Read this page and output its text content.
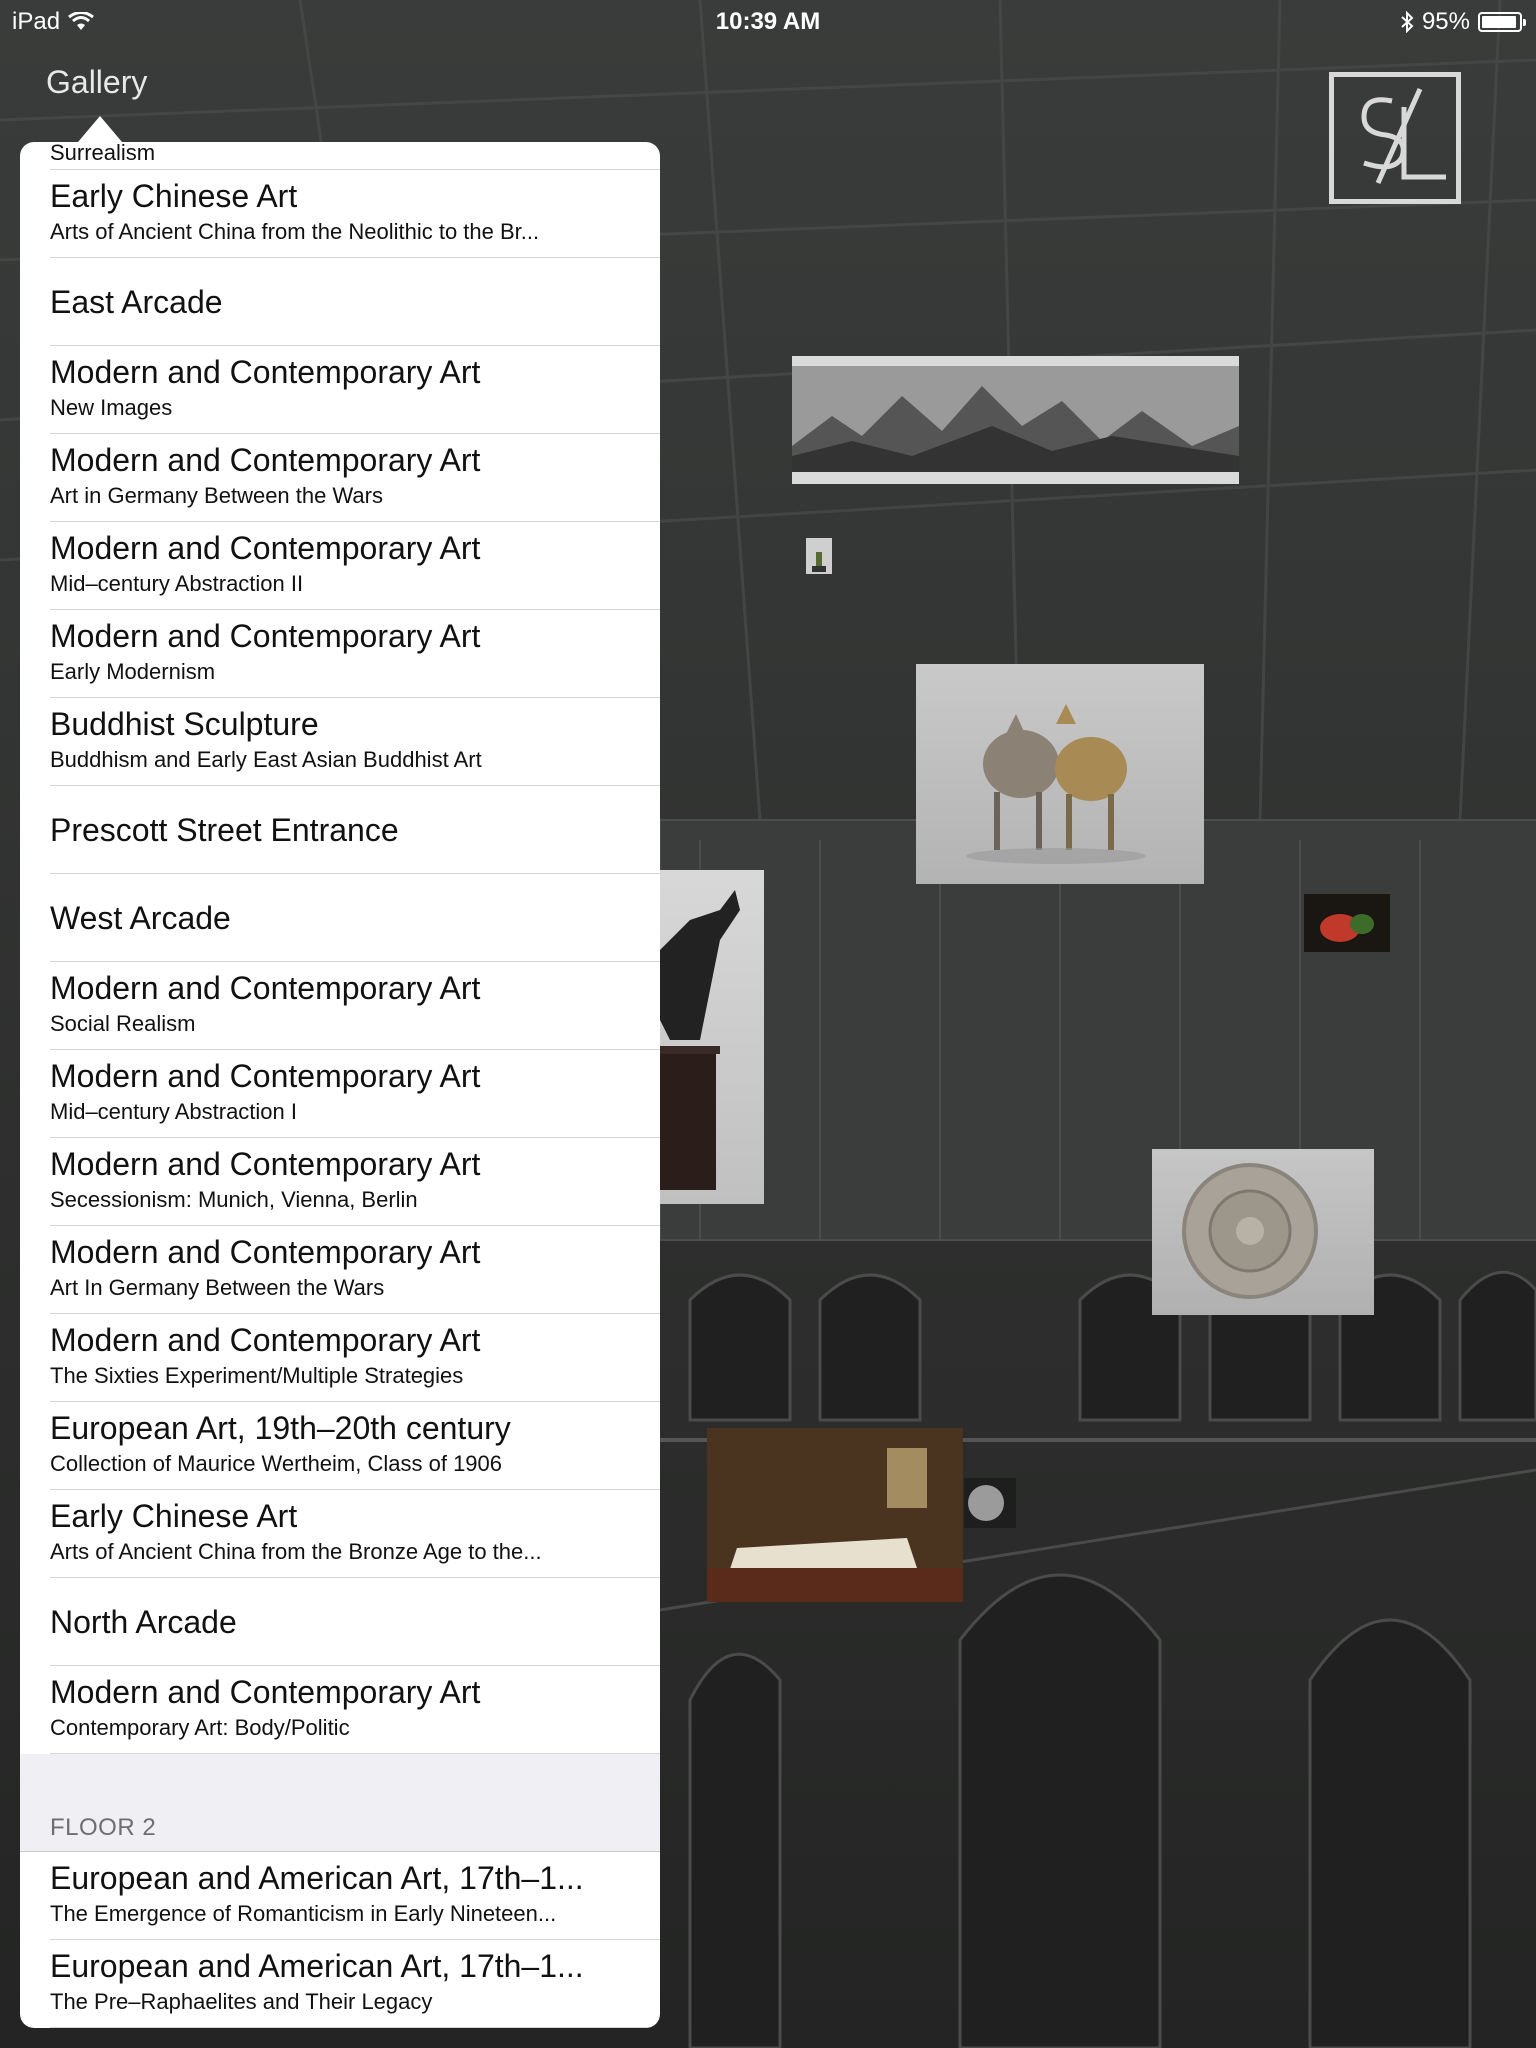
iPad	10:39 AM	95%
Gallery
Surrealism
Early Chinese Art
Arts of Ancient China from the Neolithic to the Br...
East Arcade
Modern and Contemporary Art
New Images
Modern and Contemporary Art
Art in Germany Between the Wars
Modern and Contemporary Art
Mid–century Abstraction II
Modern and Contemporary Art
Early Modernism
Buddhist Sculpture
Buddhism and Early East Asian Buddhist Art
Prescott Street Entrance
West Arcade
Modern and Contemporary Art
Social Realism
Modern and Contemporary Art
Mid–century Abstraction I
Modern and Contemporary Art
Secessionism: Munich, Vienna, Berlin
Modern and Contemporary Art
Art In Germany Between the Wars
Modern and Contemporary Art
The Sixties Experiment/Multiple Strategies
European Art, 19th–20th century
Collection of Maurice Wertheim, Class of 1906
Early Chinese Art
Arts of Ancient China from the Bronze Age to the...
North Arcade
Modern and Contemporary Art
Contemporary Art: Body/Politic
FLOOR 2
European and American Art, 17th–1...
The Emergence of Romanticism in Early Nineteen...
European and American Art, 17th–1...
The Pre–Raphaelites and Their Legacy
